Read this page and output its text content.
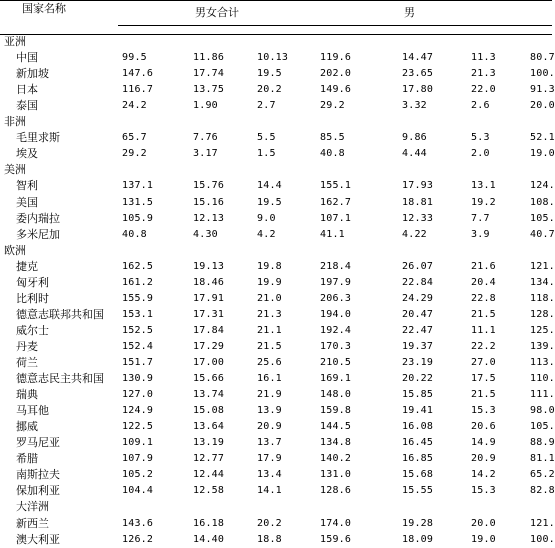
国家名称	男女合计	男
亚洲
中国	99.5	11.86	10.13	119.6	14.47	11.3	80.7
新加坡	147.6	17.74	19.5	202.0	23.65	21.3	100.
日本	116.7	13.75	20.2	149.6	17.80	22.0	91.3
泰国	24.2	1.90	2.7	29.2	3.32	2.6	20.0
非洲
毛里求斯	65.7	7.76	5.5	85.5	9.86	5.3	52.1
埃及	29.2	3.17	1.5	40.8	4.44	2.0	19.0
美洲
智利	137.1	15.76	14.4	155.1	17.93	13.1	124.
美国	131.5	15.16	19.5	162.7	18.81	19.2	108.
委内瑞拉	105.9	12.13	9.0	107.1	12.33	7.7	105.
多米尼加	40.8	4.30	4.2	41.1	4.22	3.9	40.7
欧洲
捷克	162.5	19.13	19.8	218.4	26.07	21.6	121.
匈牙利	161.2	18.46	19.9	197.9	22.84	20.4	134.
比利时	155.9	17.91	21.0	206.3	24.29	22.8	118.
德意志联邦共和国 153.1	17.31	21.3	194.0	20.47	21.5	128.
威尔士	152.5	17.84	21.1	192.4	22.47	11.1	125.
丹麦	152.4	17.29	21.5	170.3	19.37	22.2	139.
荷兰	151.7	17.00	25.6	210.5	23.19	27.0	113.
德意志民主共和国 130.9	15.66	16.1	169.1	20.22	17.5	110.
瑞典	127.0	13.74	21.9	148.0	15.85	21.5	111.
马耳他	124.9	15.08	13.9	159.8	19.41	15.3	98.0
挪威	122.5	13.64	20.9	144.5	16.08	20.6	105.
罗马尼亚	109.1	13.19	13.7	134.8	16.45	14.9	88.9
希腊	107.9	12.77	17.9	140.2	16.85	20.9	81.1
南斯拉夫	105.2	12.44	13.4	131.0	15.68	14.2	65.2
保加利亚	104.4	12.58	14.1	128.6	15.55	15.3	82.8
大洋洲
新西兰	143.6	16.18	20.2	174.0	19.28	20.0	121.
澳大利亚	126.2	14.40	18.8	159.6	18.09	19.0	100.
